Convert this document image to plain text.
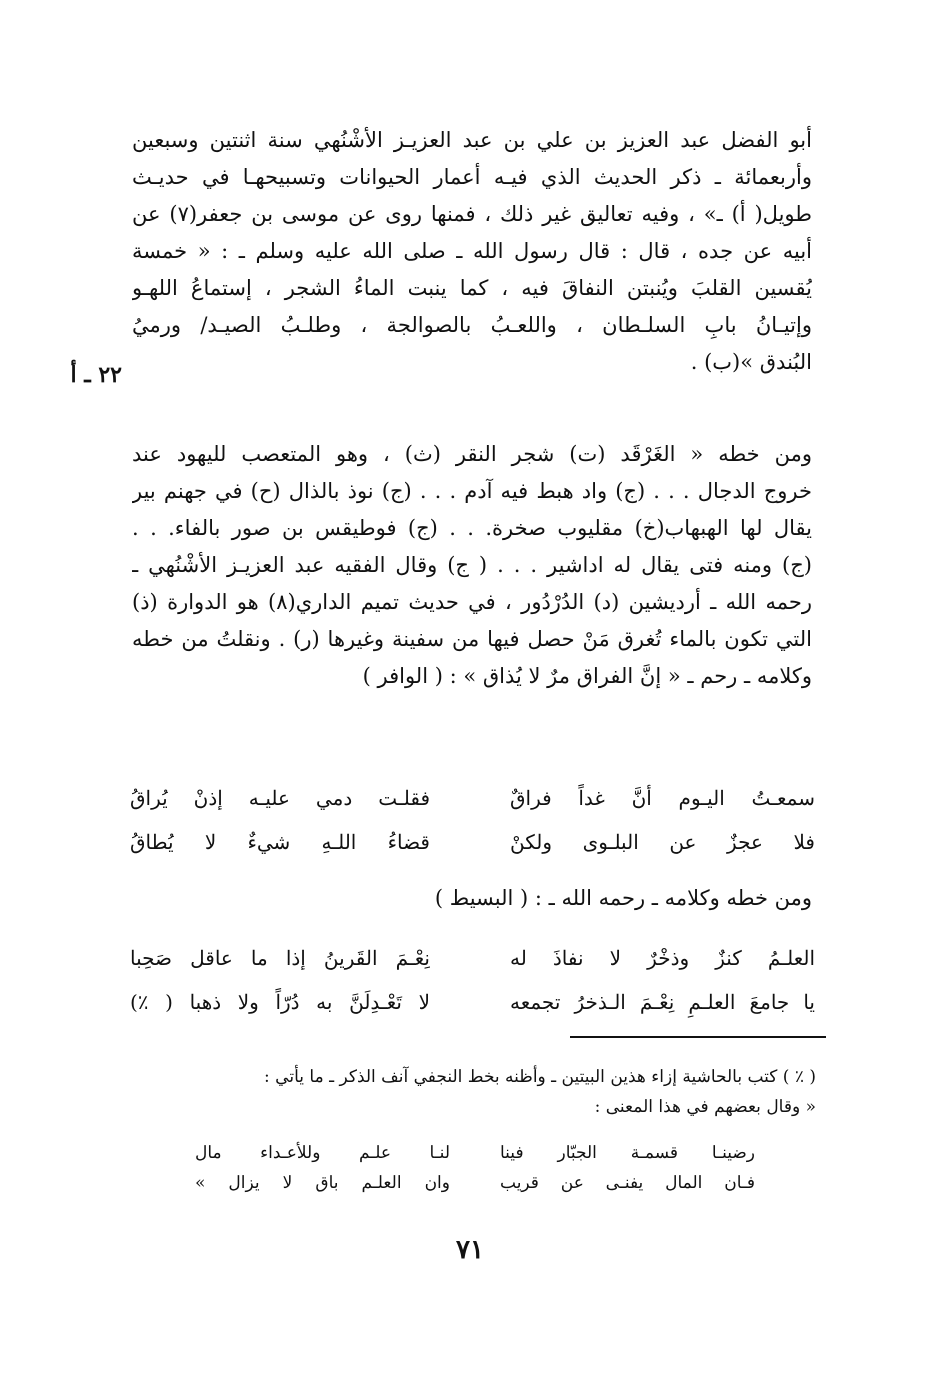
أبو الفضل عبد العزيز بن علي بن عبد العزيـز الأشْنُهي سنة اثنتين وسبعين
وأربعمائة ـ ذكر الحديث الذي فيـه أعمار الحيوانات وتسبيحهـا في حديـث
طويل( أ) ـ» ، وفيه تعاليق غير ذلك ، فمنها روى عن موسى بن جعفر(٧) عن
أبيه عن جده ، قال : قال رسول الله ـ صلى الله عليه وسلم ـ : « خمسة
يُقسين القلبَ ويُنبتن النفاقَ فيه ، كما ينبت الماءُ الشجر ، إستماعُ اللهـو
وإتيـانُ بابِ السلـطان ، واللعـبُ بالصوالجة ، وطلـبُ الصيـد/ ورميُ
البُندق »(ب) .
٢٢ ـ أ
ومن خطه « الغَرْقَد (ت) شجر النقر (ث) ، وهو المتعصب لليهود عند
خروج الدجال . . . (ج) واد هبط فيه آدم . . . (ج) نوذ بالذال (ح) في جهنم بير
يقال لها الهبهاب(خ) مقليوب صخرة. . . (ج) فوطيقس بن صور بالفاء. . .
(ج) ومنه فتى يقال له اداشير . . . ( ج) وقال الفقيه عبد العزيـز الأشْنُهي ـ
رحمه الله ـ أرديشين (د) الدُرْدُور ، في حديث تميم الداري(٨) هو الدوارة (ذ)
التي تكون بالماء تُغرق مَنْ حصل فيها من سفينة وغيرها (ر) . ونقلتُ من خطه
وكلامه ـ رحم ـ « إنَّ الفراق مرٌ لا يُذاق » : ( الوافر )
سمعـتُ اليـوم أنَّ غداً فراقٌ
فقلـت دمي عليـه إذنْ يُراقُ
فلا عجزٌ عن البلـوى ولكنْ
قضاءُ اللـهِ شيءٌ لا يُطاقُ
ومن خطه وكلامه ـ رحمه الله ـ : ( البسيط )
العلـمُ كنزٌ وذخْرٌ لا نفاذَ له
نِعْـمَ القَرينُ إذا ما عاقل صَحِبا
يا جامعَ العلـمِ نِعْـمَ الـذخرُ تجمعه
لا تَعْـدِلَنَّ به دُرّاً ولا ذهبا ( ٪)
( ٪ ) كتب بالحاشية إزاء هذين البيتين ـ وأظنه بخط النجفي آنف الذكر ـ ما يأتي :
« وقال بعضهم في هذا المعنى :
رضينـا قسمـة الجبّار فينا
لنـا علـم وللأعـداء مال
فـان المال يفنـى عن قريب
وان العلـم باق لا يزال »
٧١
